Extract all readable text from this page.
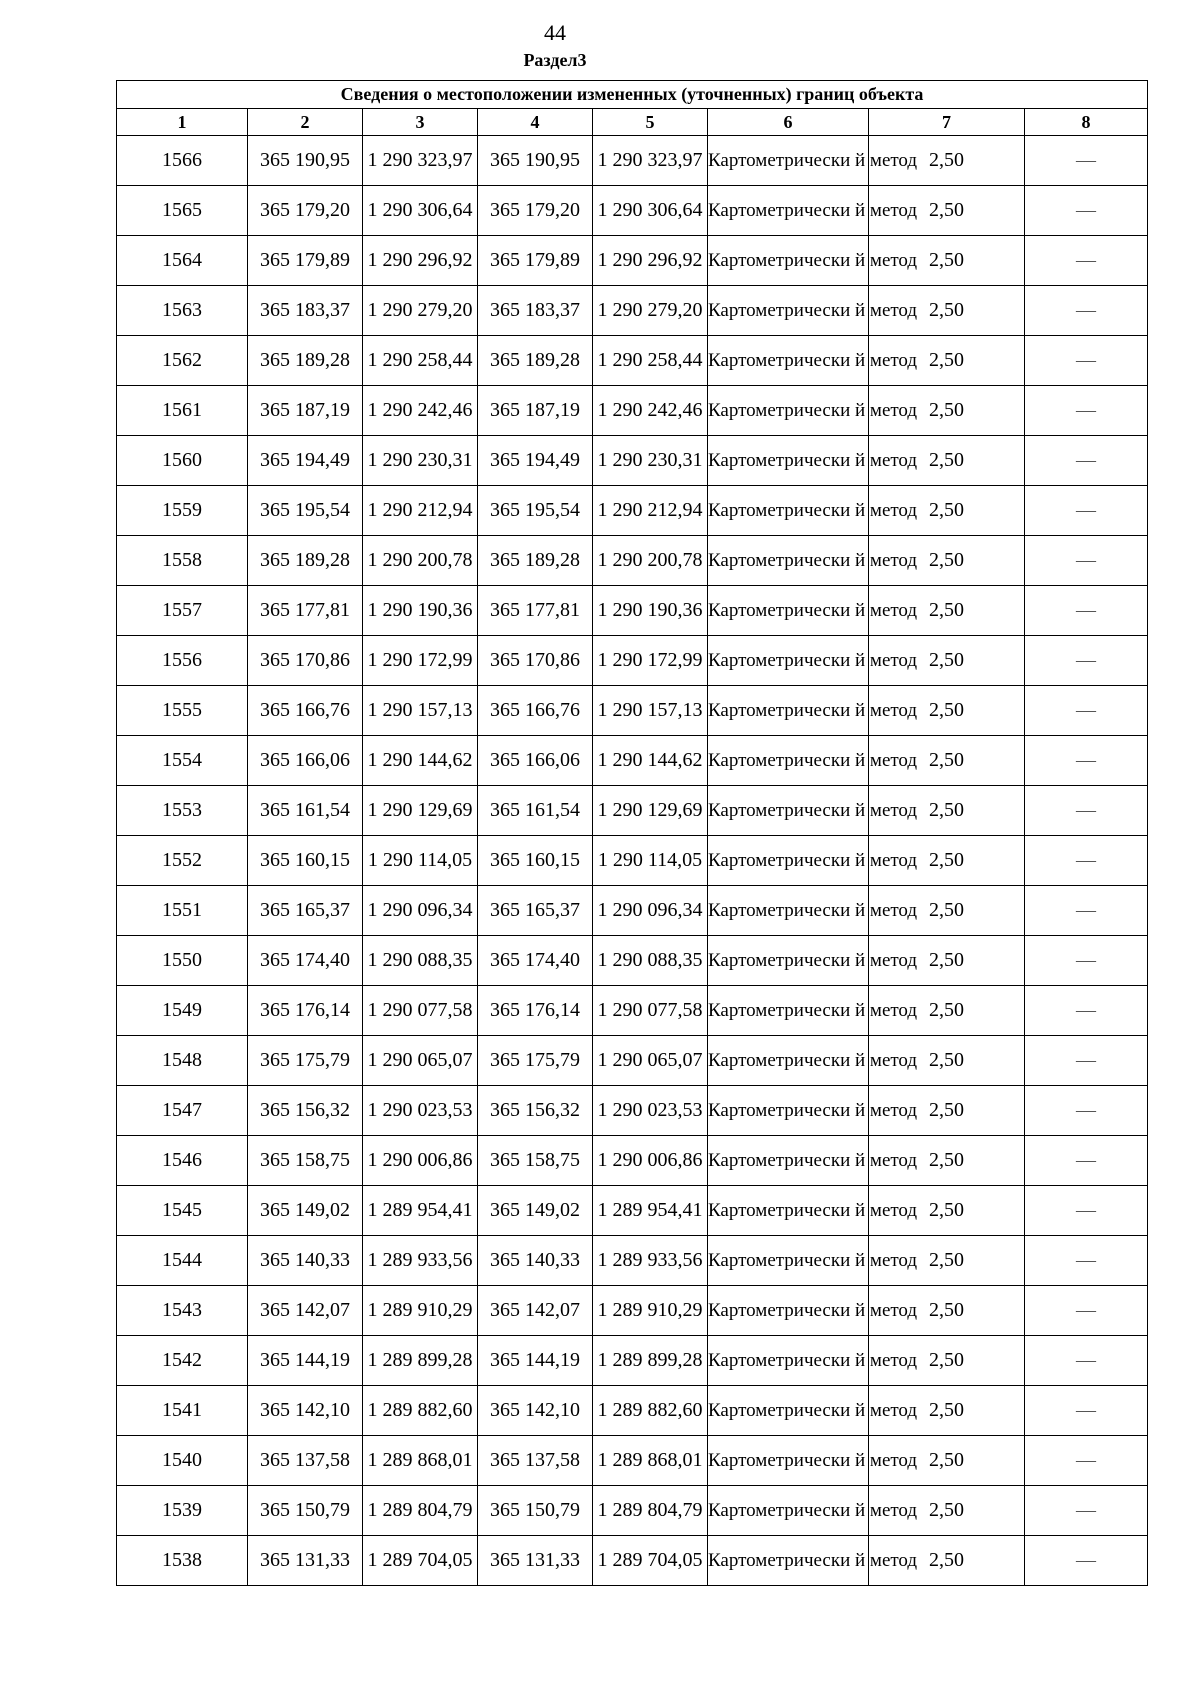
44
Раздел3
Сведения о местоположении измененных (уточненных) границ объекта							
1	2	3	4	5	6	7	8
1566	365 190,95	1 290 323,97	365 190,95	1 290 323,97	Картометрически й метод	2,50	—
1565	365 179,20	1 290 306,64	365 179,20	1 290 306,64	Картометрически й метод	2,50	—
1564	365 179,89	1 290 296,92	365 179,89	1 290 296,92	Картометрически й метод	2,50	—
1563	365 183,37	1 290 279,20	365 183,37	1 290 279,20	Картометрически й метод	2,50	—
1562	365 189,28	1 290 258,44	365 189,28	1 290 258,44	Картометрически й метод	2,50	—
1561	365 187,19	1 290 242,46	365 187,19	1 290 242,46	Картометрически й метод	2,50	—
1560	365 194,49	1 290 230,31	365 194,49	1 290 230,31	Картометрически й метод	2,50	—
1559	365 195,54	1 290 212,94	365 195,54	1 290 212,94	Картометрически й метод	2,50	—
1558	365 189,28	1 290 200,78	365 189,28	1 290 200,78	Картометрически й метод	2,50	—
1557	365 177,81	1 290 190,36	365 177,81	1 290 190,36	Картометрически й метод	2,50	—
1556	365 170,86	1 290 172,99	365 170,86	1 290 172,99	Картометрически й метод	2,50	—
1555	365 166,76	1 290 157,13	365 166,76	1 290 157,13	Картометрически й метод	2,50	—
1554	365 166,06	1 290 144,62	365 166,06	1 290 144,62	Картометрически й метод	2,50	—
1553	365 161,54	1 290 129,69	365 161,54	1 290 129,69	Картометрически й метод	2,50	—
1552	365 160,15	1 290 114,05	365 160,15	1 290 114,05	Картометрически й метод	2,50	—
1551	365 165,37	1 290 096,34	365 165,37	1 290 096,34	Картометрически й метод	2,50	—
1550	365 174,40	1 290 088,35	365 174,40	1 290 088,35	Картометрически й метод	2,50	—
1549	365 176,14	1 290 077,58	365 176,14	1 290 077,58	Картометрически й метод	2,50	—
1548	365 175,79	1 290 065,07	365 175,79	1 290 065,07	Картометрически й метод	2,50	—
1547	365 156,32	1 290 023,53	365 156,32	1 290 023,53	Картометрически й метод	2,50	—
1546	365 158,75	1 290 006,86	365 158,75	1 290 006,86	Картометрически й метод	2,50	—
1545	365 149,02	1 289 954,41	365 149,02	1 289 954,41	Картометрически й метод	2,50	—
1544	365 140,33	1 289 933,56	365 140,33	1 289 933,56	Картометрически й метод	2,50	—
1543	365 142,07	1 289 910,29	365 142,07	1 289 910,29	Картометрически й метод	2,50	—
1542	365 144,19	1 289 899,28	365 144,19	1 289 899,28	Картометрически й метод	2,50	—
1541	365 142,10	1 289 882,60	365 142,10	1 289 882,60	Картометрически й метод	2,50	—
1540	365 137,58	1 289 868,01	365 137,58	1 289 868,01	Картометрически й метод	2,50	—
1539	365 150,79	1 289 804,79	365 150,79	1 289 804,79	Картометрически й метод	2,50	—
1538	365 131,33	1 289 704,05	365 131,33	1 289 704,05	Картометрически й метод	2,50	—
